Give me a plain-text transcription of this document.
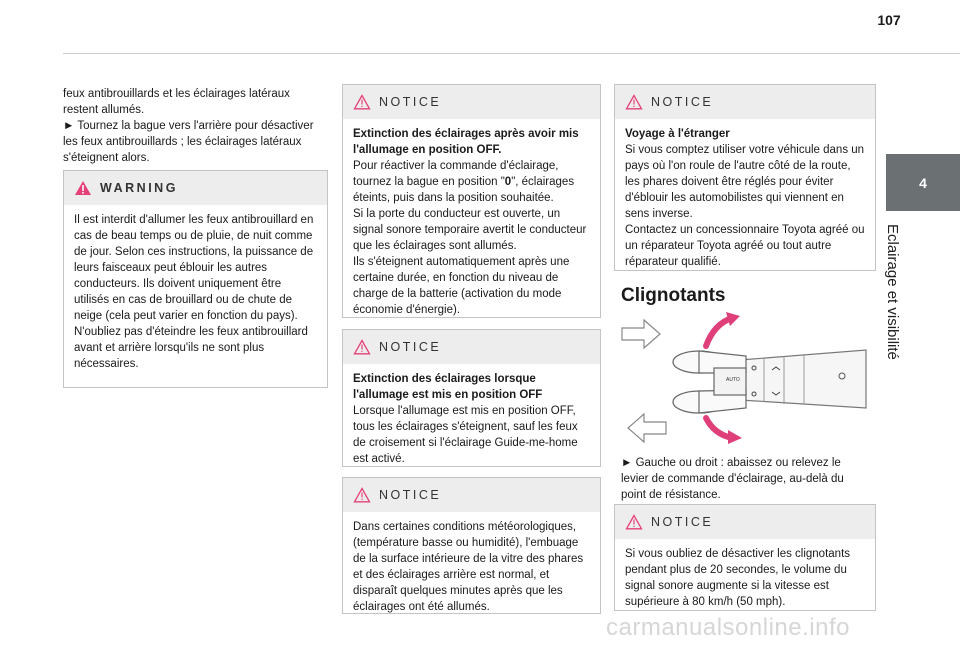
107
4
Eclairage et visibilité

feux antibrouillards et les éclairages latéraux restent allumés.

► Tournez la bague vers l'arrière pour désactiver les feux antibrouillards ; les éclairages latéraux s'éteignent alors.

WARNING

Il est interdit d'allumer les feux antibrouillard en cas de beau temps ou de pluie, de nuit comme de jour. Selon ces instructions, la puissance de leurs faisceaux peut éblouir les autres conducteurs. Ils doivent uniquement être utilisés en cas de brouillard ou de chute de neige (cela peut varier en fonction du pays).

N'oubliez pas d'éteindre les feux antibrouillard avant et arrière lorsqu'ils ne sont plus nécessaires.

NOTICE

Extinction des éclairages après avoir mis l'allumage en position OFF.

Pour réactiver la commande d'éclairage, tournez la bague en position "0", éclairages éteints, puis dans la position souhaitée.

Si la porte du conducteur est ouverte, un signal sonore temporaire avertit le conducteur que les éclairages sont allumés.

Ils s'éteignent automatiquement après une certaine durée, en fonction du niveau de charge de la batterie (activation du mode économie d'énergie).

NOTICE

Extinction des éclairages lorsque l'allumage est mis en position OFF

Lorsque l'allumage est mis en position OFF, tous les éclairages s'éteignent, sauf les feux de croisement si l'éclairage Guide-me-home est activé.

NOTICE

Dans certaines conditions météorologiques, (température basse ou humidité), l'embuage de la surface intérieure de la vitre des phares et des éclairages arrière est normal, et disparaît quelques minutes après que les éclairages ont été allumés.

NOTICE

Voyage à l'étranger

Si vous comptez utiliser votre véhicule dans un pays où l'on roule de l'autre côté de la route, les phares doivent être réglés pour éviter d'éblouir les automobilistes qui viennent en sens inverse.

Contactez un concessionnaire Toyota agréé ou un réparateur Toyota agréé ou tout autre réparateur qualifié.

Clignotants
AUTO
► Gauche ou droit : abaissez ou relevez le levier de commande d'éclairage, au-delà du point de résistance.
NOTICE

Si vous oubliez de désactiver les clignotants pendant plus de 20 secondes, le volume du signal sonore augmente si la vitesse est supérieure à 80 km/h (50 mph).

carmanualsonline.info
